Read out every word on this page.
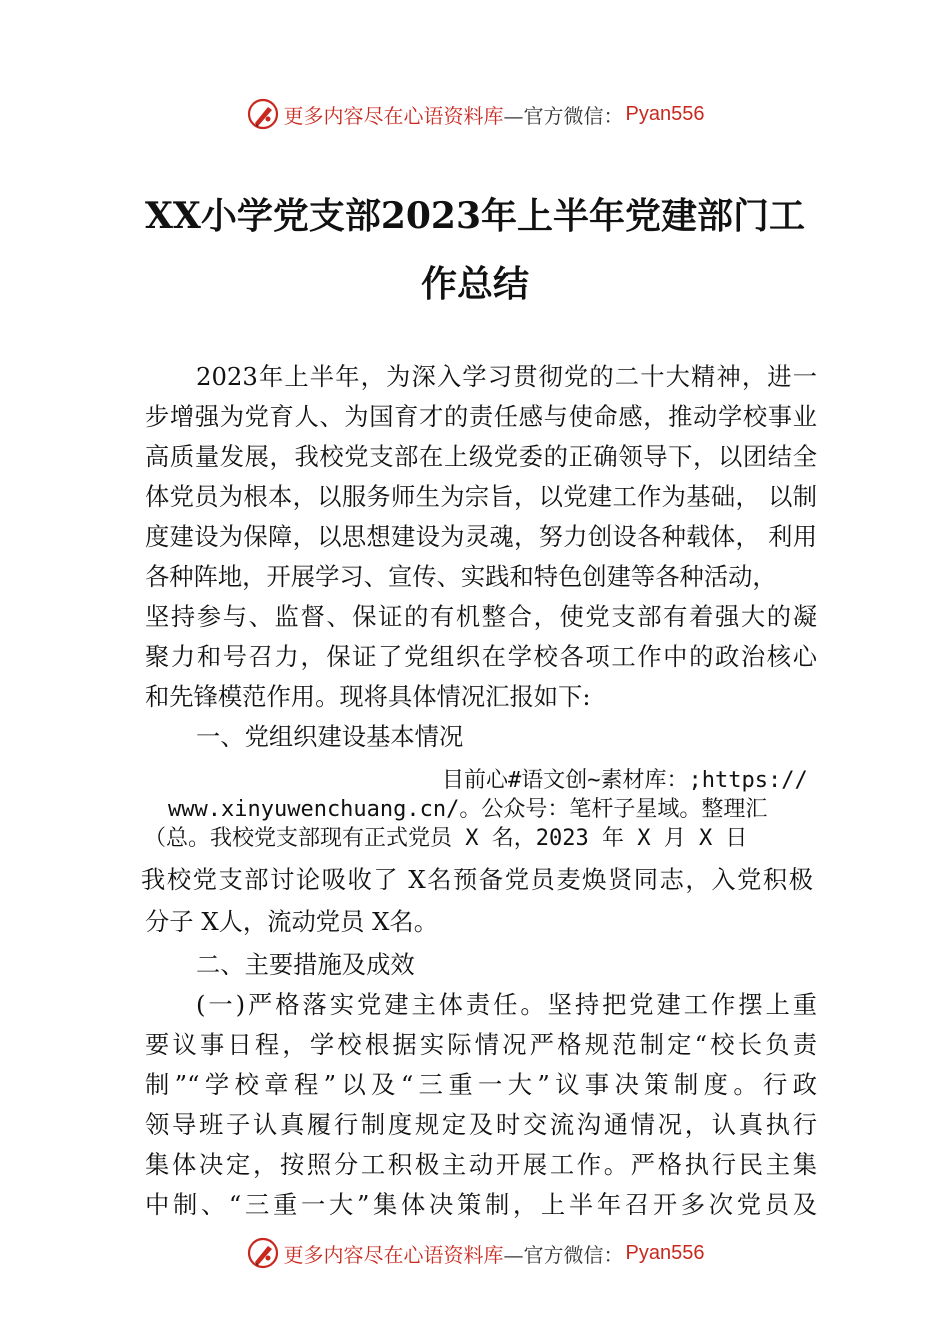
更多内容尽在心语资料库 —官方微信： Pyan556
XX小学党支部2023年上半年党建部门工
作总结
2023年上半年，为深入学习贯彻党的二十大精神，进一
步增强为党育人、为国育才的责任感与使命感，推动学校事业
高质量发展，我校党支部在上级党委的正确领导下，以团结全
体党员为根本，以服务师生为宗旨，以党建工作为基础， 以制
度建设为保障，以思想建设为灵魂，努力创设各种载体， 利用
各种阵地，开展学习、宣传、实践和特色创建等各种活动，
坚持参与、监督、保证的有机整合，使党支部有着强大的凝
聚力和号召力，保证了党组织在学校各项工作中的政治核心
和先锋模范作用。现将具体情况汇报如下:
一、党组织建设基本情况
目前心#语文创~素材库：;https://
www.xinyuwenchuang.cn/。公众号：笔杆子星域。整理汇
（总。我校党支部现有正式党员 X 名，2023 年 X 月 X 日
我校党支部讨论吸收了 X名预备党员麦焕贤同志，入党积极
分子 X人，流动党员 X名。
二、主要措施及成效
(一)严格落实党建主体责任。坚持把党建工作摆上重
要议事日程，学校根据实际情况严格规范制定“校长负责
制”“学校章程”以及“三重一大”议事决策制度。行政
领导班子认真履行制度规定及时交流沟通情况，认真执行
集体决定，按照分工积极主动开展工作。严格执行民主集
中制、“三重一大”集体决策制，上半年召开多次党员及
更多内容尽在心语资料库 —官方微信： Pyan556
